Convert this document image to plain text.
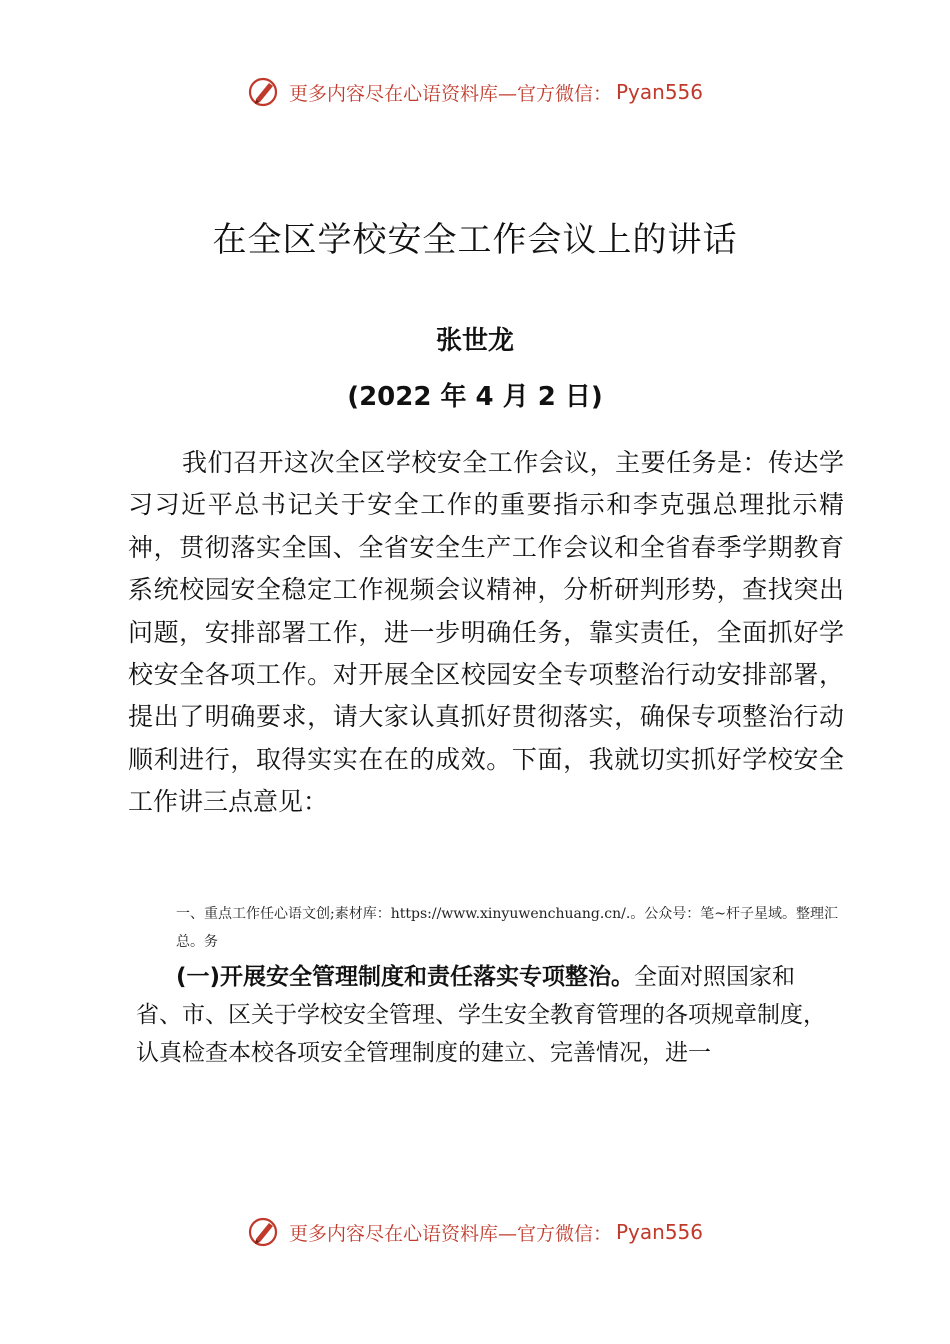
更多内容尽在心语资料库—官方微信： Pyan556
在全区学校安全工作会议上的讲话
张世龙
(2022 年 4 月 2 日)

我们召开这次全区学校安全工作会议，主要任务是：传达学习习近平总书记关于安全工作的重要指示和李克强总理批示精神，贯彻落实全国、全省安全生产工作会议和全省春季学期教育系统校园安全稳定工作视频会议精神，分析研判形势，查找突出问题，安排部署工作，进一步明确任务，靠实责任，全面抓好学校安全各项工作。对开展全区校园安全专项整治行动安排部署，提出了明确要求，请大家认真抓好贯彻落实，确保专项整治行动顺利进行，取得实实在在的成效。下面，我就切实抓好学校安全工作讲三点意见：

一、重点工作任心语文创;素材库：https://www.xinyuwenchuang.cn/.。公众号：笔~杆子星域。整理汇总。务

(一)开展安全管理制度和责任落实专项整治。全面对照国家和省、市、区关于学校安全管理、学生安全教育管理的各项规章制度，认真检查本校各项安全管理制度的建立、完善情况，进一

更多内容尽在心语资料库—官方微信： Pyan556
